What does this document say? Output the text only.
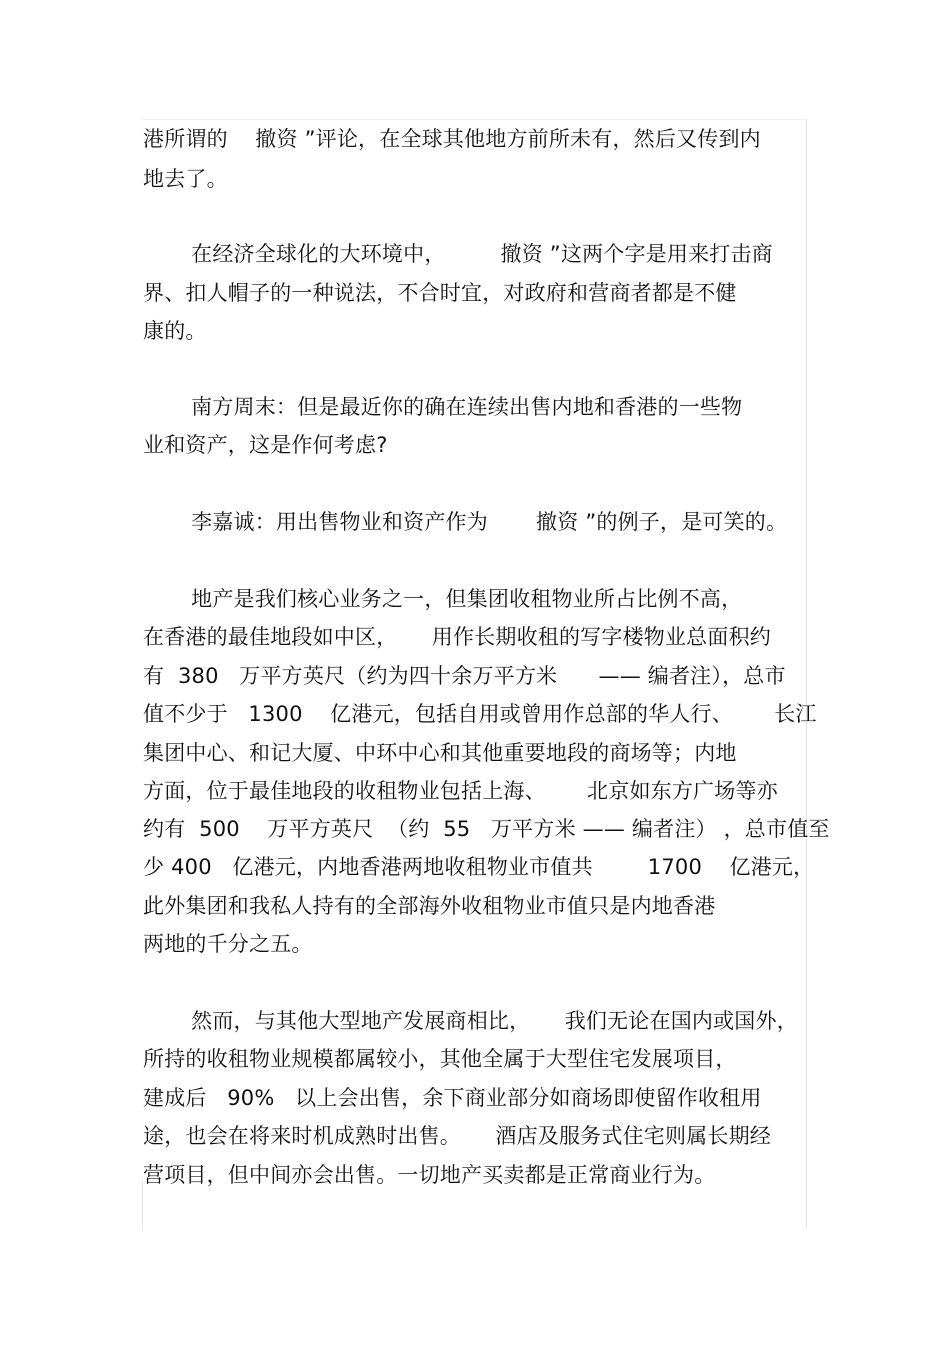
港所谓的    撤资 ”评论，在全球其他地方前所未有，然后又传到内
地去了。
在经济全球化的大环境中，        撤资 ”这两个字是用来打击商
界、扣人帽子的一种说法，不合时宜，对政府和营商者都是不健
康的。
南方周末：但是最近你的确在连续出售内地和香港的一些物
业和资产，这是作何考虑?
李嘉诚：用出售物业和资产作为       撤资 ”的例子，是可笑的。
地产是我们核心业务之一，但集团收租物业所占比例不高，
在香港的最佳地段如中区，     用作长期收租的写字楼物业总面积约
有  380   万平方英尺（约为四十余万平方米      —— 编者注），总市
值不少于   1300    亿港元，包括自用或曾用作总部的华人行、      长江
集团中心、和记大厦、中环中心和其他重要地段的商场等；内地
方面，位于最佳地段的收租物业包括上海、      北京如东方广场等亦
约有  500    万平方英尺  （约  55   万平方米 —— 编者注） ，总市值至
少 400   亿港元，内地香港两地收租物业市值共        1700    亿港元，
此外集团和我私人持有的全部海外收租物业市值只是内地香港
两地的千分之五。
然而，与其他大型地产发展商相比，     我们无论在国内或国外，
所持的收租物业规模都属较小，其他全属于大型住宅发展项目，
建成后   90%   以上会出售，余下商业部分如商场即使留作收租用
途，也会在将来时机成熟时出售。     酒店及服务式住宅则属长期经
营项目，但中间亦会出售。一切地产买卖都是正常商业行为。
